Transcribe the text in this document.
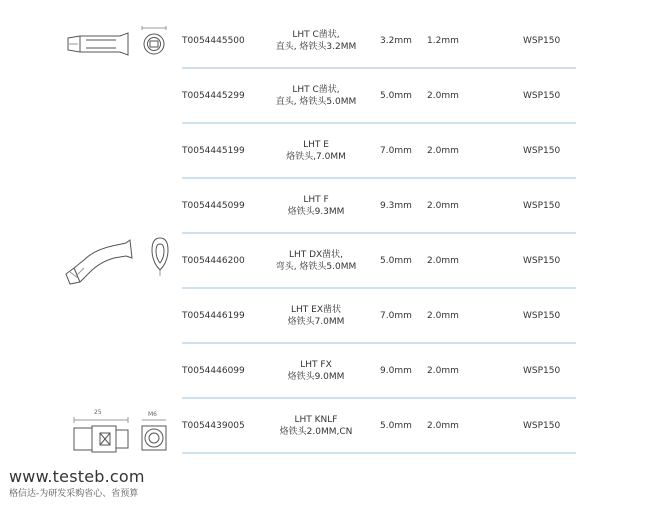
25	M6
T0054445500
LHT C凿状,
直头, 烙铁头3.2MM
3.2mm 1.2mm	WSP150
T0054445299
LHT C凿状,
直头, 烙铁头5.0MM
5.0mm 2.0mm	WSP150
T0054445199
LHT E
烙铁头,7.0MM
7.0mm 2.0mm	WSP150
T0054445099
LHT F
烙铁头9.3MM
9.3mm 2.0mm	WSP150
T0054446200
LHT DX凿状,
弯头, 烙铁头5.0MM
5.0mm 2.0mm	WSP150
T0054446199
LHT EX凿状
烙铁头7.0MM
7.0mm 2.0mm	WSP150
T0054446099
LHT FX
烙铁头9.0MM
9.0mm 2.0mm	WSP150
T0054439005
LHT KNLF
烙铁头2.0MM,CN
5.0mm 2.0mm	WSP150
www.testeb.com
格信达-为研发采购省心、省预算
